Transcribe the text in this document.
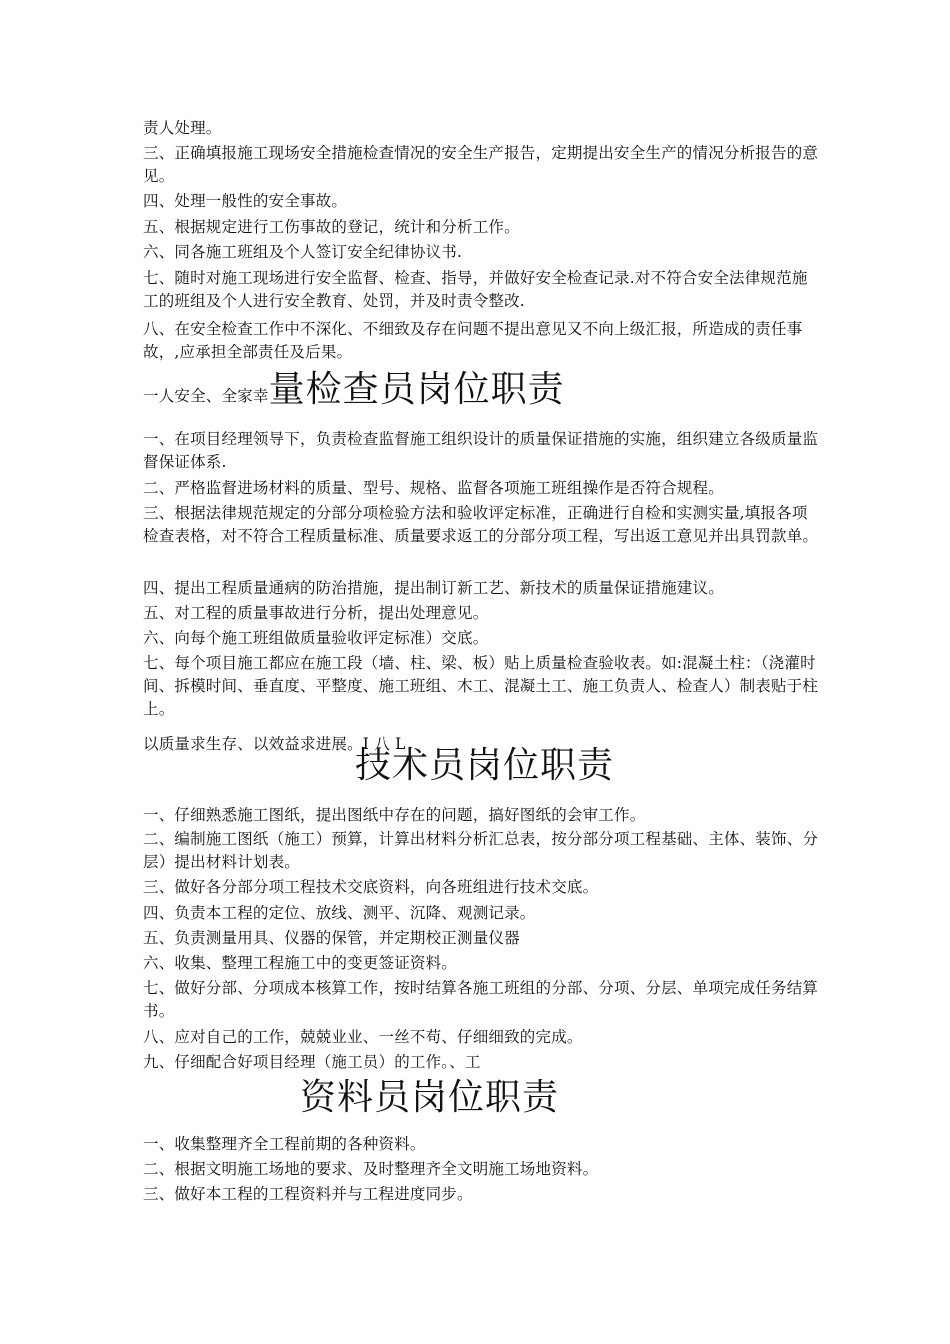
责人处理。

三、正确填报施工现场安全措施检查情况的安全生产报告，定期提出安全生产的情况分析报告的意见。

四、处理一般性的安全事故。

五、根据规定进行工伤事故的登记，统计和分析工作。

六、同各施工班组及个人签订安全纪律协议书.

七、随时对施工现场进行安全监督、检查、指导，并做好安全检查记录.对不符合安全法律规范施工的班组及个人进行安全教育、处罚，并及时责令整改.

八、在安全检查工作中不深化、不细致及存在问题不提出意见又不向上级汇报，所造成的责任事故，,应承担全部责任及后果。

一人安全、全家幸量检查员岗位职责

一、在项目经理领导下，负责检查监督施工组织设计的质量保证措施的实施，组织建立各级质量监督保证体系.

二、严格监督进场材料的质量、型号、规格、监督各项施工班组操作是否符合规程。

三、根据法律规范规定的分部分项检验方法和验收评定标准，正确进行自检和实测实量,填报各项检查表格，对不符合工程质量标准、质量要求返工的分部分项工程，写出返工意见并出具罚款单。

四、提出工程质量通病的防治措施，提出制订新工艺、新技术的质量保证措施建议。

五、对工程的质量事故进行分析，提出处理意见。

六、向每个施工班组做质量验收评定标准）交底。

七、每个项目施工都应在施工段（墙、柱、梁、板）贴上质量检查验收表。如:混凝土柱：（浇灌时间、拆模时间、垂直度、平整度、施工班组、木工、混凝土工、施工负责人、检查人）制表贴于柱上。

以质量求生存、以效益求进展。I 八 L

技术员岗位职责

一、仔细熟悉施工图纸，提出图纸中存在的问题，搞好图纸的会审工作。

二、编制施工图纸（施工）预算，计算出材料分析汇总表，按分部分项工程基础、主体、装饰、分层）提出材料计划表。

三、做好各分部分项工程技术交底资料，向各班组进行技术交底。

四、负责本工程的定位、放线、测平、沉降、观测记录。

五、负责测量用具、仪器的保管，并定期校正测量仪器

六、收集、整理工程施工中的变更签证资料。

七、做好分部、分项成本核算工作，按时结算各施工班组的分部、分项、分层、单项完成任务结算书。

八、应对自己的工作，兢兢业业、一丝不苟、仔细细致的完成。

九、仔细配合好项目经理（施工员）的工作。、工

资料员岗位职责

一、收集整理齐全工程前期的各种资料。

二、根据文明施工场地的要求、及时整理齐全文明施工场地资料。

三、做好本工程的工程资料并与工程进度同步。
